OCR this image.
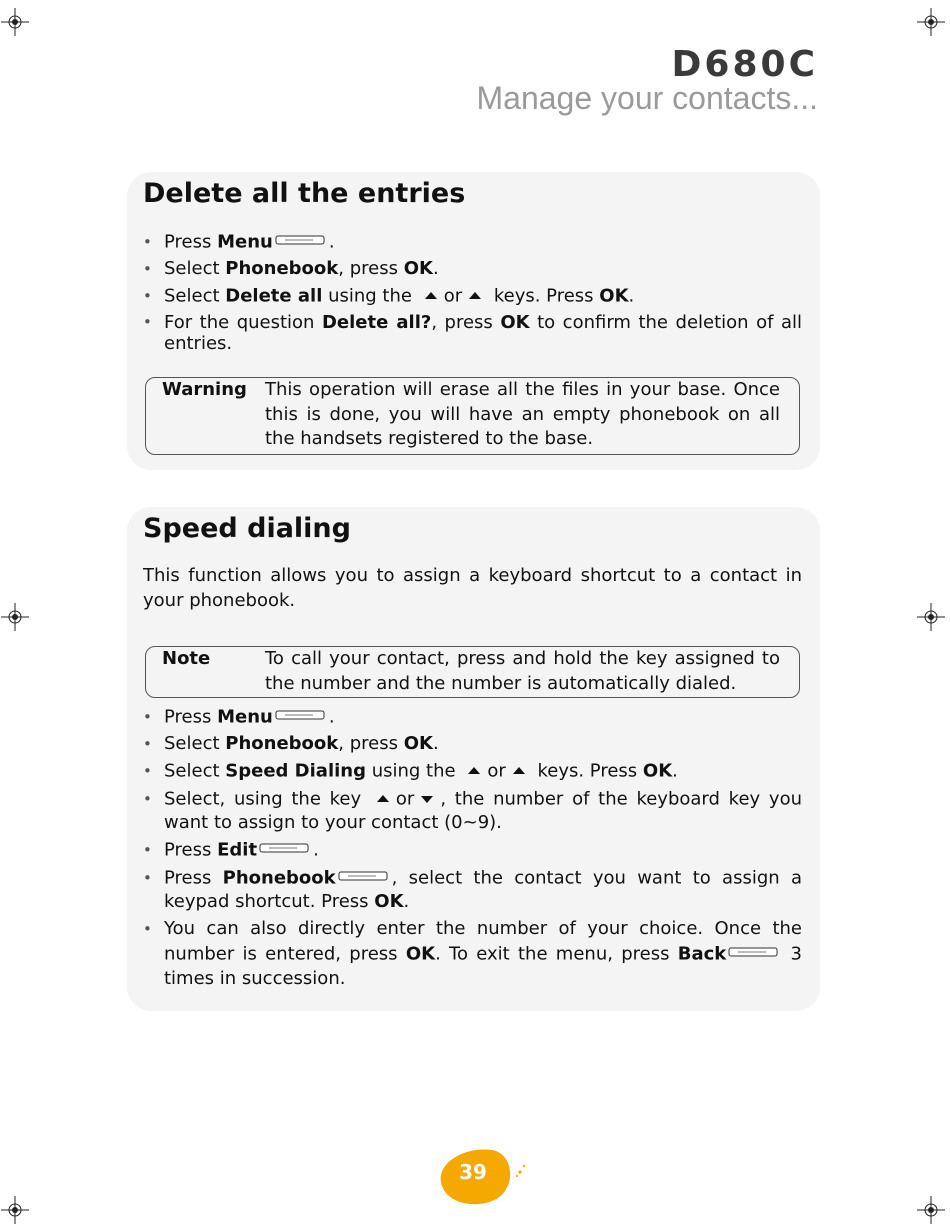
D680C
Manage your contacts...
Delete all the entries
• Press Menu	.
• Select Phonebook, press OK.
• Select Delete all using the or keys. Press OK.
• For the question Delete all?, press OK to confirm the deletion of all entries.
Warning This operation will erase all the files in your base. Once this is done, you will have an empty phonebook on all the handsets registered to the base.
Speed dialing
This function allows you to assign a keyboard shortcut to a contact in your phonebook.
Note	To call your contact, press and hold the key assigned to the number and the number is automatically dialed.
• Press Menu	.
• Select Phonebook, press OK.
• Select Speed Dialing using the or keys. Press OK.
• Select, using the key or , the number of the keyboard key you want to assign to your contact (0~9).
• Press Edit	.
• Press Phonebook	, select the contact you want to assign a keypad shortcut. Press OK.
• You can also directly enter the number of your choice. Once the number is entered, press OK. To exit the menu, press Back	3 times in succession.
39
